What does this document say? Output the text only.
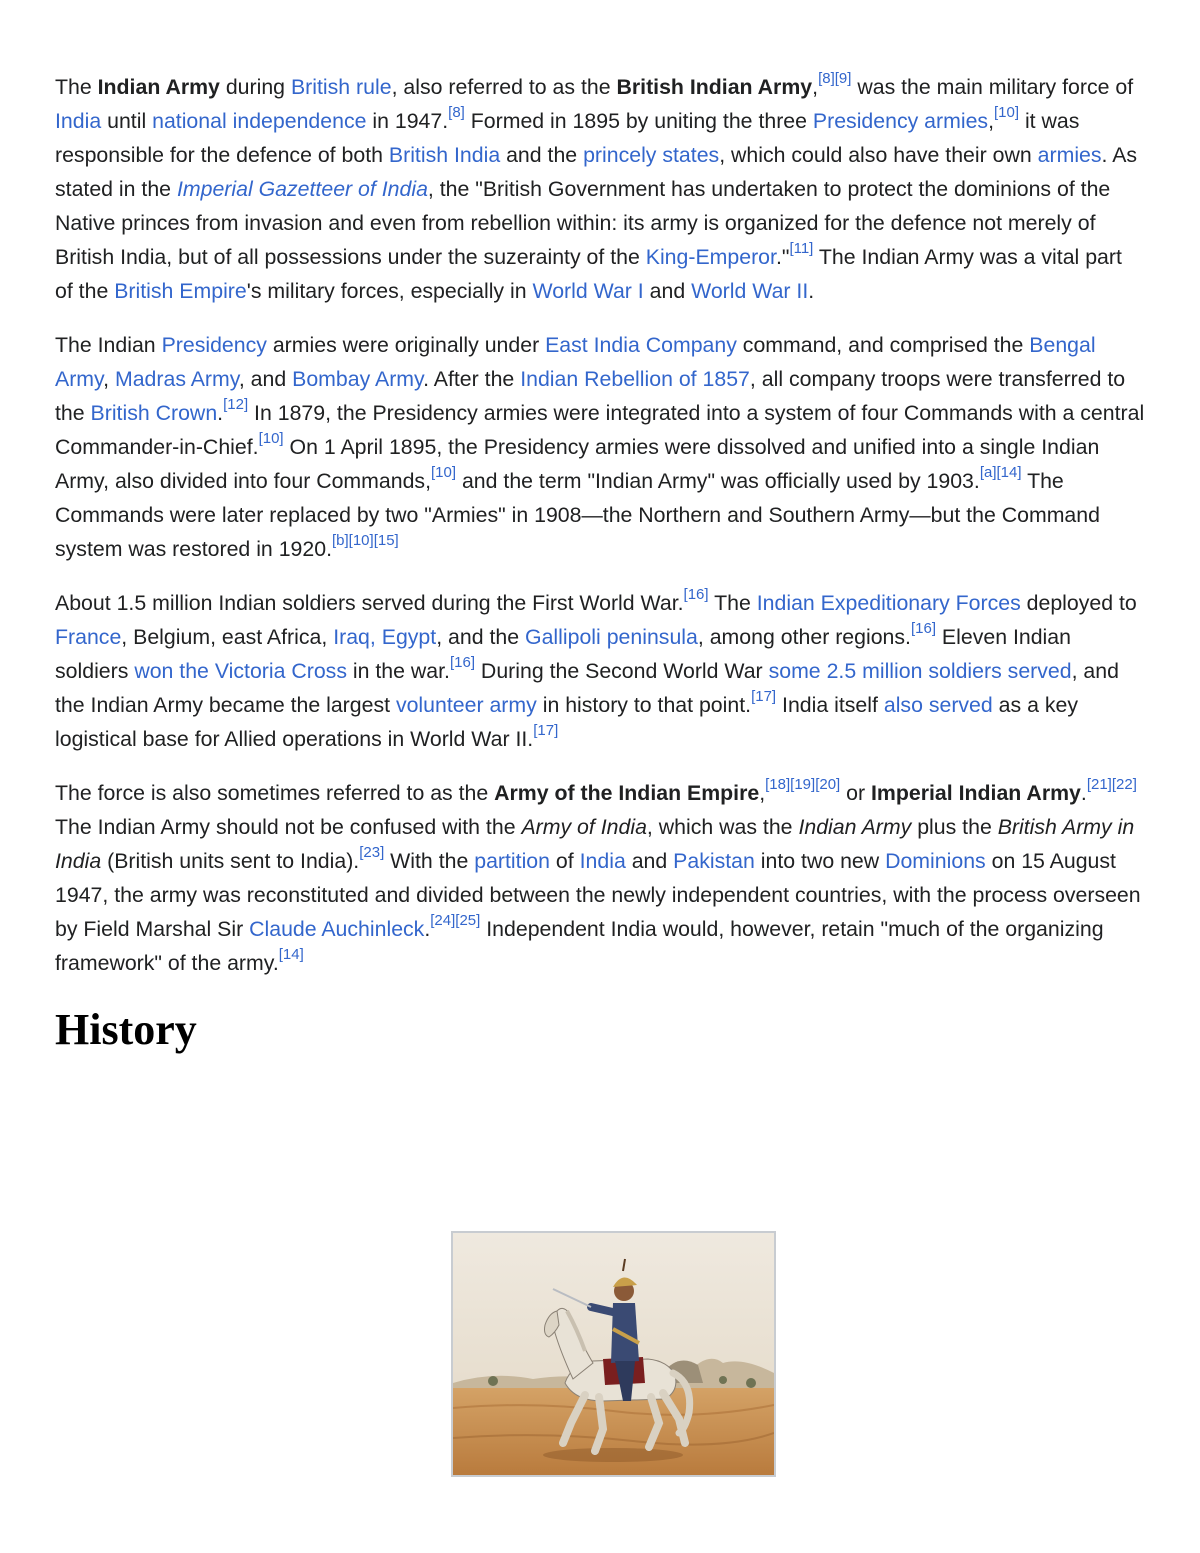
The Indian Army during British rule, also referred to as the British Indian Army,[8][9] was the main military force of India until national independence in 1947.[8] Formed in 1895 by uniting the three Presidency armies,[10] it was responsible for the defence of both British India and the princely states, which could also have their own armies. As stated in the Imperial Gazetteer of India, the "British Government has undertaken to protect the dominions of the Native princes from invasion and even from rebellion within: its army is organized for the defence not merely of British India, but of all possessions under the suzerainty of the King-Emperor."[11] The Indian Army was a vital part of the British Empire's military forces, especially in World War I and World War II.

The Indian Presidency armies were originally under East India Company command, and comprised the Bengal Army, Madras Army, and Bombay Army. After the Indian Rebellion of 1857, all company troops were transferred to the British Crown.[12] In 1879, the Presidency armies were integrated into a system of four Commands with a central Commander-in-Chief.[10] On 1 April 1895, the Presidency armies were dissolved and unified into a single Indian Army, also divided into four Commands,[10] and the term "Indian Army" was officially used by 1903.[a][14] The Commands were later replaced by two "Armies" in 1908—the Northern and Southern Army—but the Command system was restored in 1920.[b][10][15]

About 1.5 million Indian soldiers served during the First World War.[16] The Indian Expeditionary Forces deployed to France, Belgium, east Africa, Iraq, Egypt, and the Gallipoli peninsula, among other regions.[16] Eleven Indian soldiers won the Victoria Cross in the war.[16] During the Second World War some 2.5 million soldiers served, and the Indian Army became the largest volunteer army in history to that point.[17] India itself also served as a key logistical base for Allied operations in World War II.[17]

The force is also sometimes referred to as the Army of the Indian Empire,[18][19][20] or Imperial Indian Army.[21][22] The Indian Army should not be confused with the Army of India, which was the Indian Army plus the British Army in India (British units sent to India).[23] With the partition of India and Pakistan into two new Dominions on 15 August 1947, the army was reconstituted and divided between the newly independent countries, with the process overseen by Field Marshal Sir Claude Auchinleck.[24][25] Independent India would, however, retain "much of the organizing framework" of the army.[14]

History
